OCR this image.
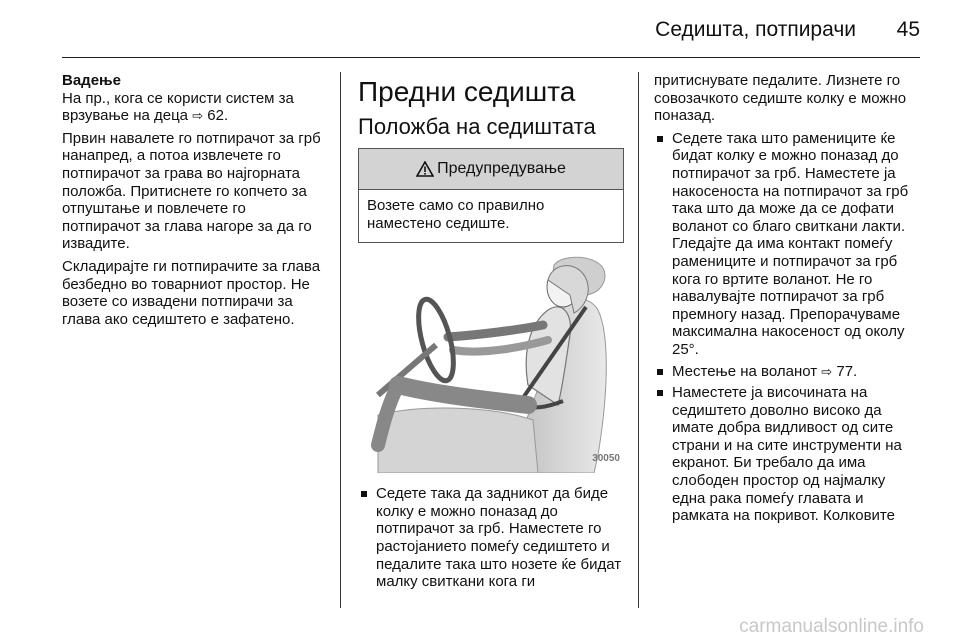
Седишта, потпирачи 45
Вадење

На пр., кога се користи систем за врзување на деца ⇨ 62.

Првин навалете го потпирачот за грб нанапред, а потоа извлечете го потпирачот за грава во најгорната положба. Притиснете го копчето за отпуштање и повлечете го потпирачот за глава нагоре за да го извадите.

Складирајте ги потпирачите за глава безбедно во товарниот простор. Не возете со извадени потпирачи за глава ако седиштето е зафатено.

Предни седишта
Положба на седиштата
Предупредување
Возете само со правилно наместено седиште.
30050
Седете така да задникот да биде колку е можно поназад до потпирачот за грб. Наместете го растојанието помеѓу седиштето и педалите така што нозете ќе бидат малку свиткани кога ги

притиснувате педалите. Лизнете го совозачкото седиште колку е можно поназад.

Седете така што рамениците ќе бидат колку е можно поназад до потпирачот за грб. Наместете ја накосеноста на потпирачот за грб така што да може да се дофати воланот со благо свиткани лакти. Гледајте да има контакт помеѓу рамениците и потпирачот за грб кога го вртите воланот. Не го навалувајте потпирачот за грб премногу назад. Препорачуваме максимална накосеност од околу 25°.
Местење на воланот ⇨ 77.
Наместете ја височината на седиштето доволно високо да имате добра видливост од сите страни и на сите инструменти на екранот. Би требало да има слободен простор од најмалку една рака помеѓу главата и рамката на покривот. Колковите
carmanualsonline.info
